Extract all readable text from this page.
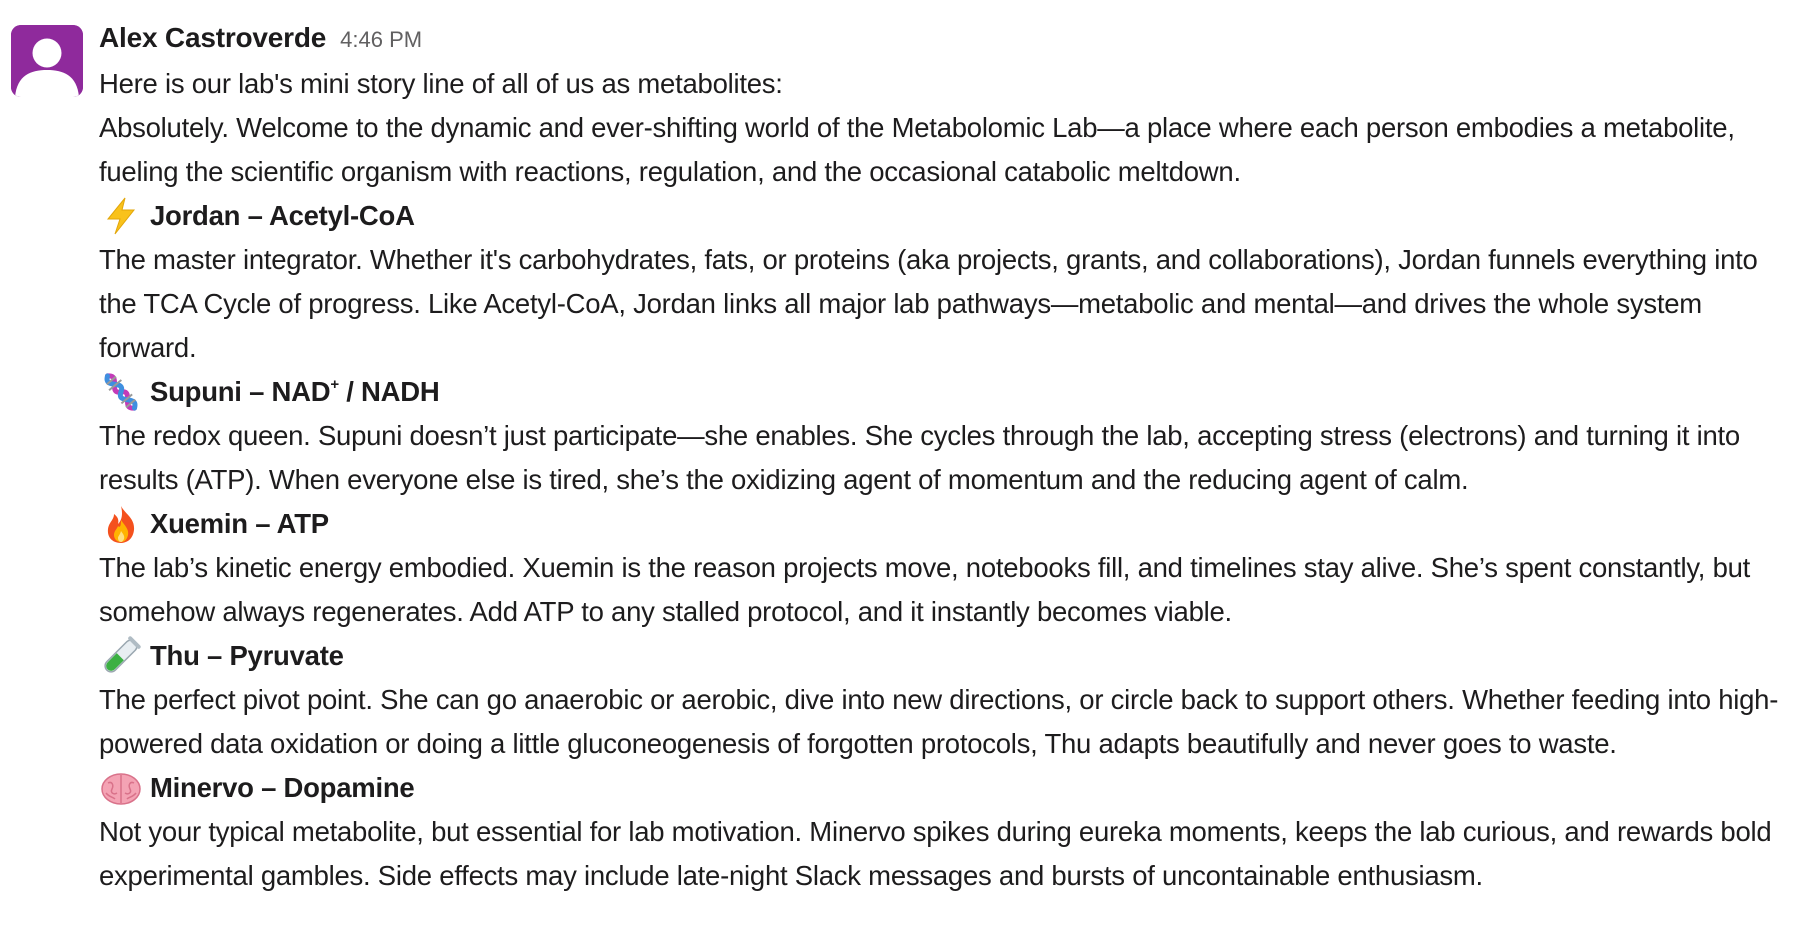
Alex Castroverde 4:46 PM

Here is our lab's mini story line of all of us as metabolites:

Absolutely. Welcome to the dynamic and ever-shifting world of the Metabolomic Lab—a place where each person embodies a metabolite, fueling the scientific organism with reactions, regulation, and the occasional catabolic meltdown.

Jordan – Acetyl-CoA

The master integrator. Whether it's carbohydrates, fats, or proteins (aka projects, grants, and collaborations), Jordan funnels everything into the TCA Cycle of progress. Like Acetyl-CoA, Jordan links all major lab pathways—metabolic and mental—and drives the whole system forward.

Supuni – NAD+ / NADH

The redox queen. Supuni doesn’t just participate—she enables. She cycles through the lab, accepting stress (electrons) and turning it into results (ATP). When everyone else is tired, she’s the oxidizing agent of momentum and the reducing agent of calm.

Xuemin – ATP

The lab’s kinetic energy embodied. Xuemin is the reason projects move, notebooks fill, and timelines stay alive. She’s spent constantly, but somehow always regenerates. Add ATP to any stalled protocol, and it instantly becomes viable.

Thu – Pyruvate

The perfect pivot point. She can go anaerobic or aerobic, dive into new directions, or circle back to support others. Whether feeding into high-powered data oxidation or doing a little gluconeogenesis of forgotten protocols, Thu adapts beautifully and never goes to waste.

Minervo – Dopamine

Not your typical metabolite, but essential for lab motivation. Minervo spikes during eureka moments, keeps the lab curious, and rewards bold experimental gambles. Side effects may include late-night Slack messages and bursts of uncontainable enthusiasm.
